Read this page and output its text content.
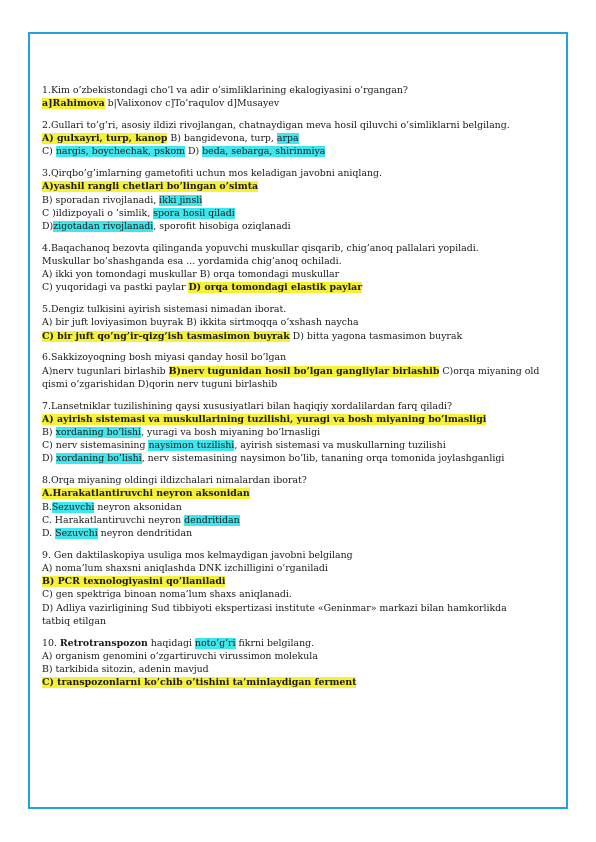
1.Kim o’zbekistondagi cho’l va adir o’simliklarining ekalogiyasini o’rgangan?

a]Rahimova b|Valixonov c]To’raqulov d]Musayev

2.Gullari to’g’ri, asosiy ildizi rivojlangan, chatnaydigan meva hosil qiluvchi o’simliklarni belgilang.

A) gulxayri, turp, kanop B) bangidevona, turp, arpa

C) nargis, boychechak, pskom D) beda, sebarga, shirinmiya

3.Qirqbo’g’imlarning gametofiti uchun mos keladigan javobni aniqlang.

A)yashil rangli chetlari bo’lingan o’simta

B) sporadan rivojlanadi, ikki jinsli

C )ildizpoyali o ’simlik, spora hosil qiladi

D)zigotadan rivojlanadi, sporofit hisobiga oziqlanadi

4.Baqachanoq bezovta qilinganda yopuvchi muskullar qisqarib, chig’anoq pallalari yopiladi.

Muskullar bo’shashganda esa ... yordamida chig’anoq ochiladi.

A) ikki yon tomondagi muskullar B) orqa tomondagi muskullar

C) yuqoridagi va pastki paylar D) orqa tomondagi elastik paylar

5.Dengiz tulkisini ayirish sistemasi nimadan iborat.

A) bir juft loviyasimon buyrak B) ikkita sirtmoqqa o’xshash naycha

C) bir juft qo’ng’ir-qizg’ish tasmasimon buyrak D) bitta yagona tasmasimon buyrak

6.Sakkizoyoqning bosh miyasi qanday hosil bo’lgan

A)nerv tugunlari birlashib B)nerv tugunidan hosil bo’lgan gangliylar birlashib C)orqa miyaning old qismi o’zgarishidan D)qorin nerv tuguni birlashib

7.Lansetniklar tuzilishining qaysi xususiyatlari bilan haqiqiy xordalilardan farq qiladi?

A) ayirish sistemasi va muskullarining tuzilishi, yuragi va bosh miyaning bo’lmasligi

B) xordaning bo’lishi, yuragi va bosh miyaning bo’lrnasligi

C) nerv sistemasining naysimon tuzilishi, ayirish sistemasi va muskullarning tuzilishi

D) xordaning bo’lishi, nerv sistemasining naysimon bo’lib, tananing orqa tomonida joylashganligi

8.Orqa miyaning oldingi ildizchalari nimalardan iborat?

A.Harakatlantiruvchi neyron aksonidan

B.Sezuvchi neyron aksonidan

C. Harakatlantiruvchi neyron dendritidan

D. Sezuvchi neyron dendritidan

9. Gen daktilaskopiya usuliga mos kelmaydigan javobni belgilang

A) noma’lum shaxsni aniqlashda DNK izchilligini o’rganiladi

B) PCR texnologiyasini qo’llaniladi

C) gen spektriga binoan noma’lum shaxs aniqlanadi.

D) Adliya vazirligining Sud tibbiyoti ekspertizasi institute «Geninmar» markazi bilan hamkorlikda

tatbiq etilgan

10. Retrotranspozon haqidagi noto’g’ri fikrni belgilang.

A) organism genomini o’zgartiruvchi virussimon molekula

B) tarkibida sitozin, adenin mavjud

C) transpozonlarni ko’chib o’tishini ta’minlaydigan ferment
